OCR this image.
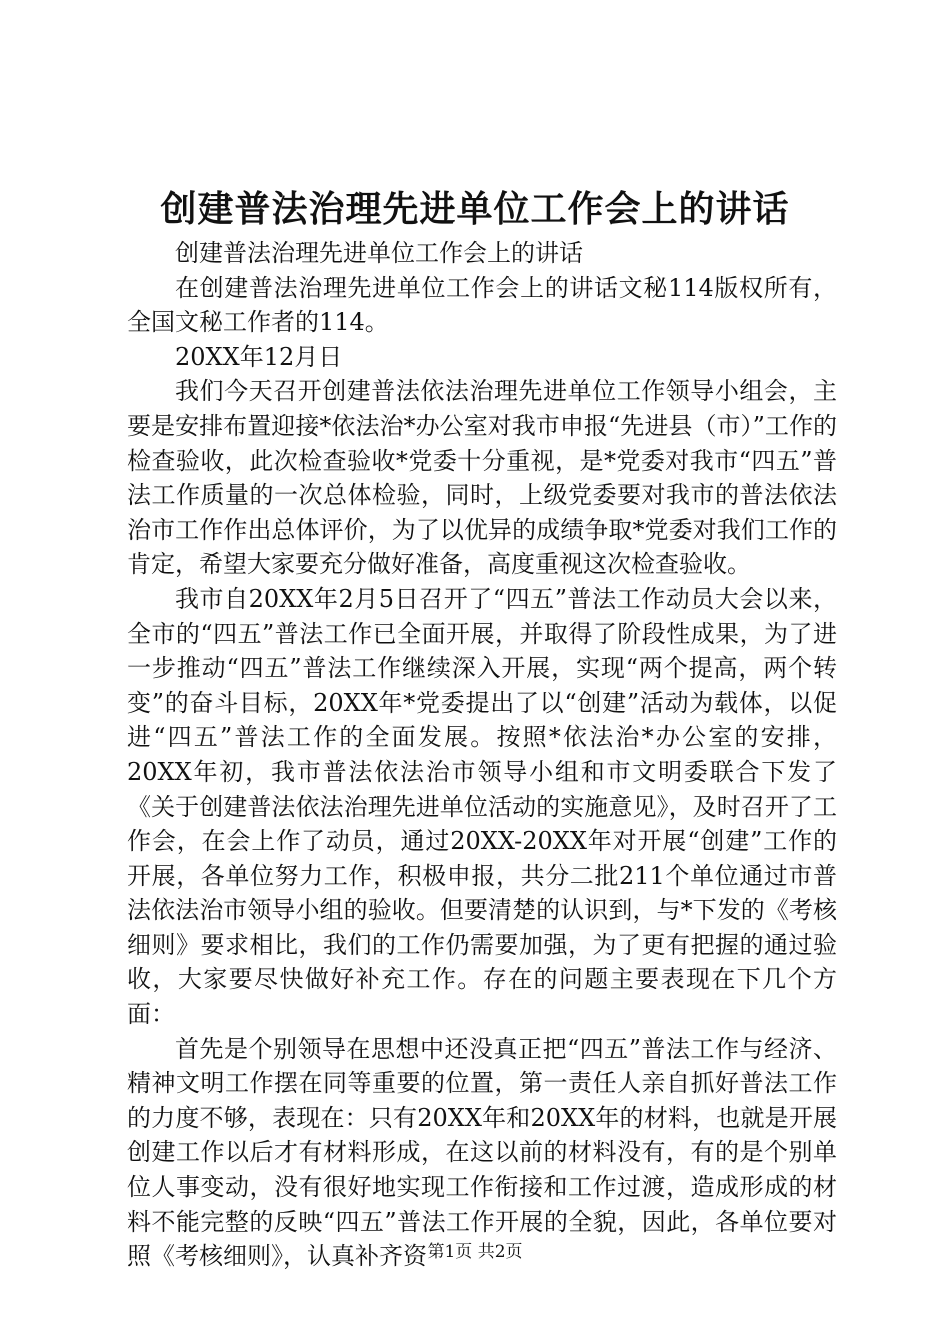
创建普法治理先进单位工作会上的讲话

创建普法治理先进单位工作会上的讲话

在创建普法治理先进单位工作会上的讲话文秘114版权所有，全国文秘工作者的114。

20XX年12月日

我们今天召开创建普法依法治理先进单位工作领导小组会，主要是安排布置迎接*依法治*办公室对我市申报“先进县（市）”工作的检查验收，此次检查验收*党委十分重视，是*党委对我市“四五”普法工作质量的一次总体检验，同时，上级党委要对我市的普法依法治市工作作出总体评价，为了以优异的成绩争取*党委对我们工作的肯定，希望大家要充分做好准备，高度重视这次检查验收。

我市自20XX年2月5日召开了“四五”普法工作动员大会以来，全市的“四五”普法工作已全面开展，并取得了阶段性成果，为了进一步推动“四五”普法工作继续深入开展，实现“两个提高，两个转变”的奋斗目标，20XX年*党委提出了以“创建”活动为载体，以促进“四五”普法工作的全面发展。按照*依法治*办公室的安排，20XX年初，我市普法依法治市领导小组和市文明委联合下发了《关于创建普法依法治理先进单位活动的实施意见》，及时召开了工作会，在会上作了动员，通过20XX-20XX年对开展“创建”工作的开展，各单位努力工作，积极申报，共分二批211个单位通过市普法依法治市领导小组的验收。但要清楚的认识到，与*下发的《考核细则》要求相比，我们的工作仍需要加强，为了更有把握的通过验收，大家要尽快做好补充工作。存在的问题主要表现在下几个方面：

首先是个别领导在思想中还没真正把“四五”普法工作与经济、精神文明工作摆在同等重要的位置，第一责任人亲自抓好普法工作的力度不够，表现在：只有20XX年和20XX年的材料，也就是开展创建工作以后才有材料形成，在这以前的材料没有，有的是个别单位人事变动，没有很好地实现工作衔接和工作过渡，造成形成的材料不能完整的反映“四五”普法工作开展的全貌，因此，各单位要对照《考核细则》，认真补齐资 第1页 共2页
